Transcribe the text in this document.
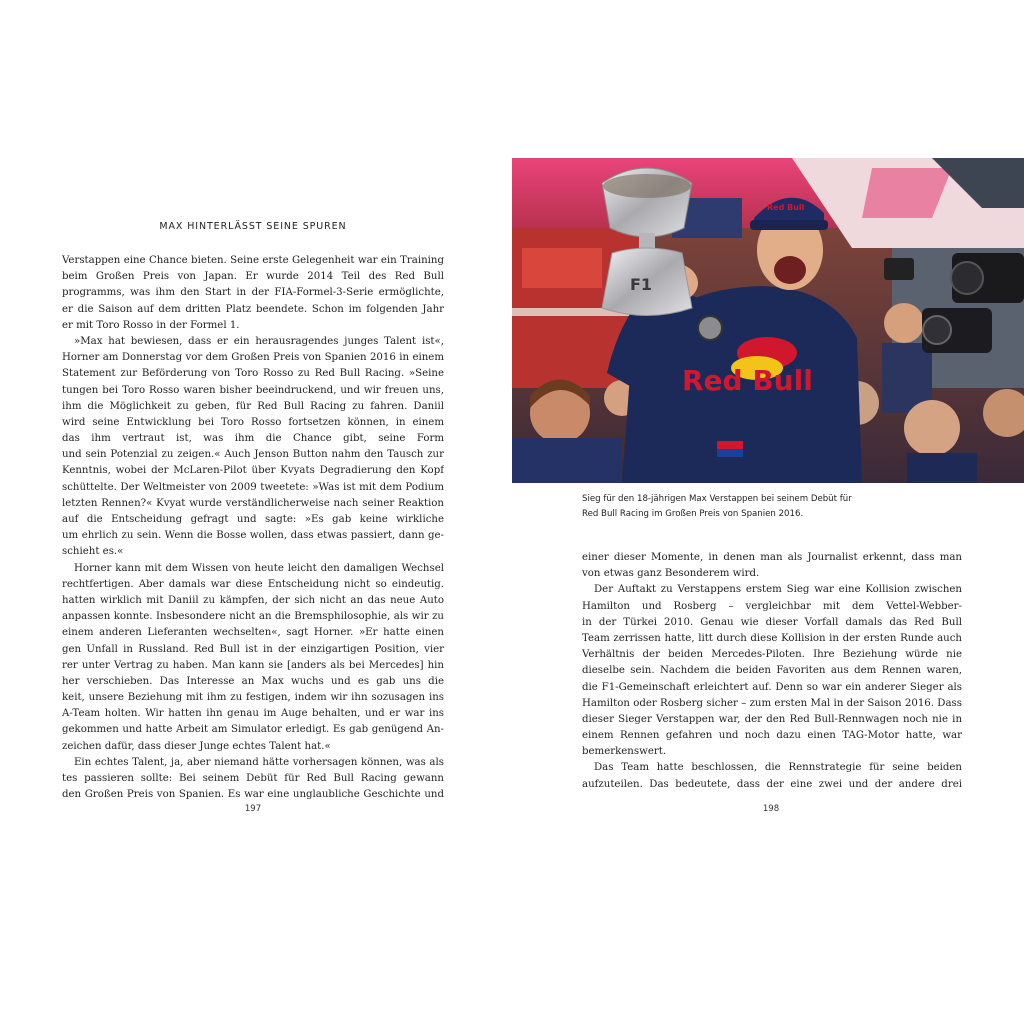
MAX HINTERLÄSST SEINE SPUREN
Verstappen eine Chance bieten. Seine erste Gelegenheit war ein Training
beim Großen Preis von Japan. Er wurde 2014 Teil des Red Bull
programms, was ihm den Start in der FIA-Formel-3-Serie ermöglichte,
er die Saison auf dem dritten Platz beendete. Schon im folgenden Jahr
er mit Toro Rosso in der Formel 1.
»Max hat bewiesen, dass er ein herausragendes junges Talent ist«,
Horner am Donnerstag vor dem Großen Preis von Spanien 2016 in einem
Statement zur Beförderung von Toro Rosso zu Red Bull Racing. »Seine
tungen bei Toro Rosso waren bisher beeindruckend, und wir freuen uns,
ihm die Möglichkeit zu geben, für Red Bull Racing zu fahren. Daniil
wird seine Entwicklung bei Toro Rosso fortsetzen können, in einem
das ihm vertraut ist, was ihm die Chance gibt, seine Form
und sein Potenzial zu zeigen.« Auch Jenson Button nahm den Tausch zur
Kenntnis, wobei der McLaren-Pilot über Kvyats Degradierung den Kopf
schüttelte. Der Weltmeister von 2009 tweetete: »Was ist mit dem Podium
letzten Rennen?« Kvyat wurde verständlicherweise nach seiner Reaktion
auf die Entscheidung gefragt und sagte: »Es gab keine wirkliche
um ehrlich zu sein. Wenn die Bosse wollen, dass etwas passiert, dann ge-
schieht es.«
Horner kann mit dem Wissen von heute leicht den damaligen Wechsel
rechtfertigen. Aber damals war diese Entscheidung nicht so eindeutig.
hatten wirklich mit Daniil zu kämpfen, der sich nicht an das neue Auto
anpassen konnte. Insbesondere nicht an die Bremsphilosophie, als wir zu
einem anderen Lieferanten wechselten«, sagt Horner. »Er hatte einen
gen Unfall in Russland. Red Bull ist in der einzigartigen Position, vier
rer unter Vertrag zu haben. Man kann sie [anders als bei Mercedes] hin
her verschieben. Das Interesse an Max wuchs und es gab uns die
keit, unsere Beziehung mit ihm zu festigen, indem wir ihn sozusagen ins
A-Team holten. Wir hatten ihn genau im Auge behalten, und er war ins
gekommen und hatte Arbeit am Simulator erledigt. Es gab genügend An-
zeichen dafür, dass dieser Junge echtes Talent hat.«
Ein echtes Talent, ja, aber niemand hätte vorhersagen können, was als
tes passieren sollte: Bei seinem Debüt für Red Bull Racing gewann
den Großen Preis von Spanien. Es war eine unglaubliche Geschichte und
197
Red Bull
Red Bull
F1
Sieg für den 18-jährigen Max Verstappen bei seinem Debüt für
Red Bull Racing im Großen Preis von Spanien 2016.
einer dieser Momente, in denen man als Journalist erkennt, dass man
von etwas ganz Besonderem wird.
Der Auftakt zu Verstappens erstem Sieg war eine Kollision zwischen
Hamilton und Rosberg – vergleichbar mit dem Vettel-Webber-
in der Türkei 2010. Genau wie dieser Vorfall damals das Red Bull
Team zerrissen hatte, litt durch diese Kollision in der ersten Runde auch
Verhältnis der beiden Mercedes-Piloten. Ihre Beziehung würde nie
dieselbe sein. Nachdem die beiden Favoriten aus dem Rennen waren,
die F1-Gemeinschaft erleichtert auf. Denn so war ein anderer Sieger als
Hamilton oder Rosberg sicher – zum ersten Mal in der Saison 2016. Dass
dieser Sieger Verstappen war, der den Red Bull-Rennwagen noch nie in
einem Rennen gefahren und noch dazu einen TAG-Motor hatte, war
bemerkenswert.
Das Team hatte beschlossen, die Rennstrategie für seine beiden
aufzuteilen. Das bedeutete, dass der eine zwei und der andere drei
198
